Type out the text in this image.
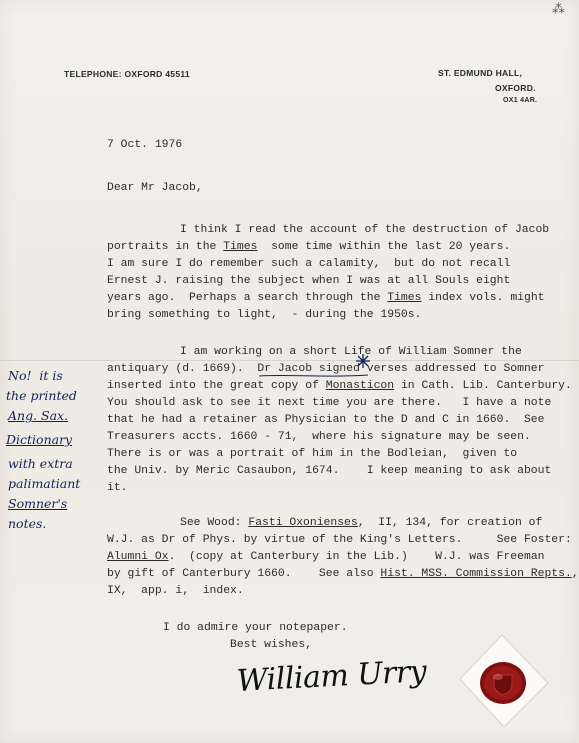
⁂
TELEPHONE: OXFORD 45511	ST. EDMUND HALL,
OXFORD.
OX1 4AR.
7 Oct. 1976
Dear Mr Jacob,
I think I read the account of the destruction of Jacob
portraits in the Times  some time within the last 20 years.
I am sure I do remember such a calamity,  but do not recall
Ernest J. raising the subject when I was at all Souls eight
years ago.  Perhaps a search through the Times index vols. might
bring something to light,  - during the 1950s.
I am working on a short Life of William Somner the
antiquary (d. 1669).  Dr Jacob signed verses addressed to Somner
inserted into the great copy of Monasticon in Cath. Lib. Canterbury.
You should ask to see it next time you are there.   I have a note
that he had a retainer as Physician to the D and C in 1660.  See
Treasurers accts. 1660 - 71,  where his signature may be seen.
There is or was a portrait of him in the Bodleian,  given to
the Univ. by Meric Casaubon, 1674.    I keep meaning to ask about
it.
See Wood: Fasti Oxonienses,  II, 134, for creation of
W.J. as Dr of Phys. by virtue of the King's Letters.     See Foster:
Alumni Ox.  (copy at Canterbury in the Lib.)    W.J. was Freeman
by gift of Canterbury 1660.    See also Hist. MSS. Commission Repts.,
IX,  app. i,  index.
I do admire your notepaper.
Best wishes,
William Urry
No!  it is
the printed
Ang. Sax.
Dictionary
with extra
palimatiant
Somner's
notes.
